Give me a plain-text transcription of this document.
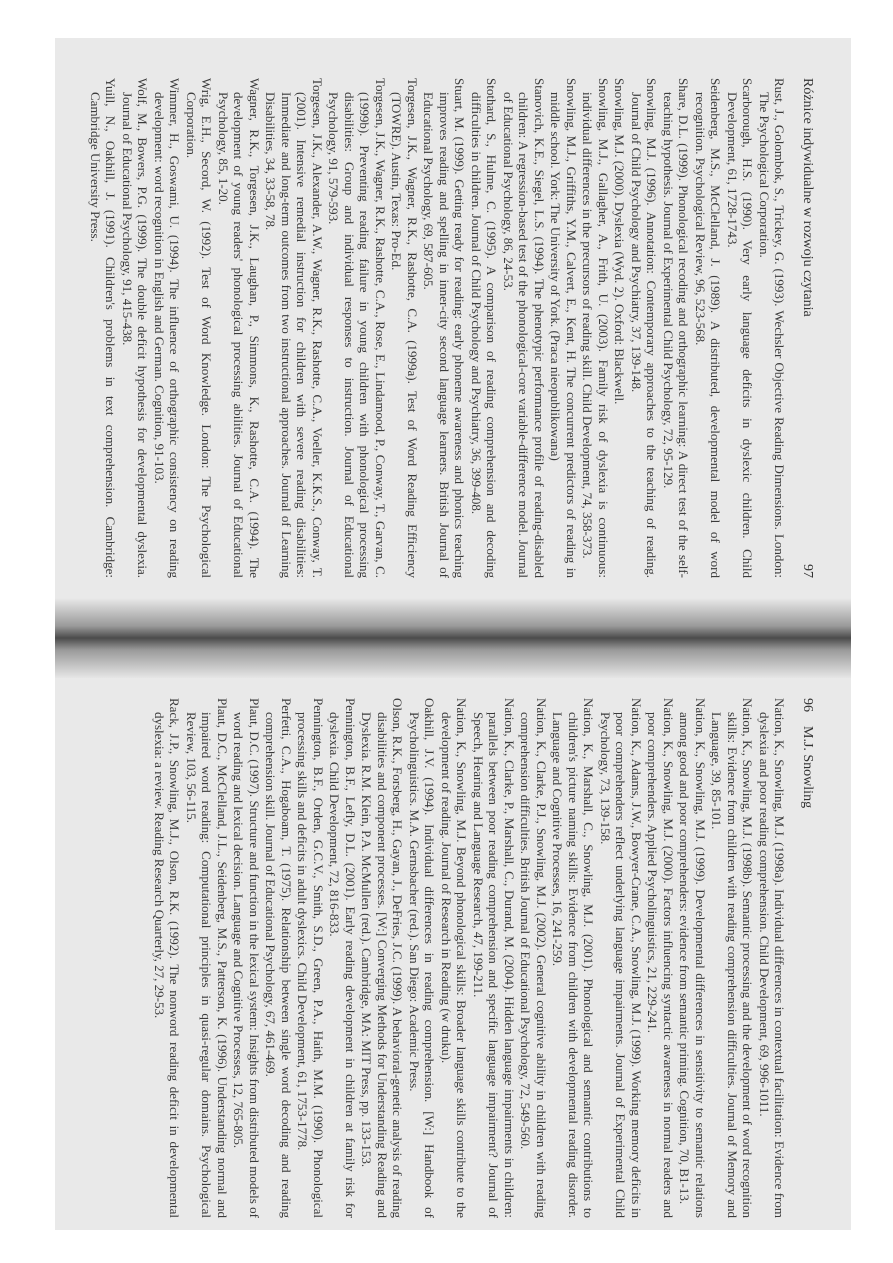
Różnice indywidualne w rozwoju czytania
97

Rust, J., Golombok, S., Trickey, G. (1993). Wechsler Objective Reading Dimensions. London: The Psychological Corporation.

Scarborough, H.S. (1990). Very early language deficits in dyslexic children. Child Development, 61, 1728-1743.

Seidenberg, M.S., McClelland, J. (1989). A distributed, developmental model of word recognition. Psychological Review, 96, 523-568.

Share, D.L. (1999). Phonological recoding and orthographic learning: A direct test of the self-teaching hypothesis. Journal of Experimental Child Psychology, 72, 95-129.

Snowling, M.J. (1996). Annotation: Contemporary approaches to the teaching of reading. Journal of Child Psychology and Psychiatry, 37, 139-148.

Snowling, M.J. (2000). Dyslexia (Wyd. 2). Oxford: Blackwell.

Snowling, M.J., Gallagher, A., Frith, U. (2003). Family risk of dyslexia is continuous: individual differences in the precursors of reading skill. Child Development, 74, 358-373.

Snowling, M.J., Griffiths, Y.M., Calvert, E., Kent, H. The concurrent predictors of reading in middle school. York: The University of York. (Praca nieopublikowana)

Stanovich, K.E., Siegel, L.S. (1994). The phenotypic performance profile of reading-disabled children: A regression-based test of the phonological-core variable-difference model. Journal of Educational Psychology, 86, 24-53.

Stothard, S., Hulme, C. (1995). A comparison of reading comprehension and decoding difficulties in children. Journal of Child Psychology and Psychiatry, 36, 399-408.

Stuart, M. (1999). Getting ready for reading: early phoneme awareness and phonics teaching improves reading and spelling in inner-city second language learners. British Journal of Educational Psychology, 69, 587-605.

Torgesen, J.K., Wagner, R.K., Rashotte, C.A. (1999a). Test of Word Reading Efficiency (TOWRE). Austin, Texas: Pro-Ed.

Torgesen, J.K., Wagner, R.K., Rashotte, C.A., Rose, E., Lindamood, P., Conway, T., Garvan, C. (1999b). Preventing reading failure in young children with phonological processing disabilities: Group and individual responses to instruction. Journal of Educational Psychology, 91, 579-593.

Torgesen, J.K., Alexander, A.W., Wagner, R.K., Rashotte, C.A., Voeller, K.K.S., Conway, T. (2001). Intensive remedial instruction for children with severe reading disabilities: Immediate and long-term outcomes from two instructional approaches. Journal of Learning Disabilities, 34, 33-58, 78.

Wagner, R.K., Torgesen, J.K., Laughan, P., Simmons, K., Rashotte, C.A. (1994). The development of young readers' phonological processing abilities. Journal of Educational Psychology, 85, 1-20.

Wrig, E.H., Secord, W. (1992). Test of Word Knowledge. London: The Psychological Corporation.

Wimmer, H., Goswami, U. (1994). The influence of orthographic consistency on reading development: word recognition in English and German. Cognition, 91-103.

Wolf, M., Bowers, P.G. (1999). The double deficit hypothesis for developmental dyslexia. Journal of Educational Psychology, 91, 415-438.

Yuill, N., Oakhill, J. (1991). Children's problems in text comprehension. Cambridge: Cambridge University Press.

96    M.J. Snowling

Nation, K., Snowling, M.J. (1998a). Individual differences in contextual facilitation: Evidence from dyslexia and poor reading comprehension. Child Development, 69, 996-1011.

Nation, K., Snowling, M.J. (1998b). Semantic processing and the development of word recognition skills: Evidence from children with reading comprehension difficulties. Journal of Memory and Language, 39, 85-101.

Nation, K., Snowling, M.J. (1999). Developmental differences in sensitivity to semantic relations among good and poor comprehenders: evidence from semantic priming. Cognition, 70, B1-13.

Nation, K., Snowling, M.J. (2000). Factors influencing syntactic awareness in normal readers and poor comprehenders. Applied Psycholinguistics, 21, 229-241.

Nation, K., Adams, J.W., Bowyer-Crane, C.A., Snowling, M.J. (1999). Working memory deficits in poor comprehenders reflect underlying language impairments. Journal of Experimental Child Psychology, 73, 139-158.

Nation, K., Marshall, C., Snowling, M.J. (2001). Phonological and semantic contributions to children's picture naming skills: Evidence from children with developmental reading disorder. Language and Cognitive Processes, 16, 241-259.

Nation, K., Clarke, P.J., Snowling, M.J. (2002). General cognitive ability in children with reading comprehension difficulties. British Journal of Educational Psychology, 72, 549-560.

Nation, K., Clarke, P., Marshall, C., Durand, M. (2004). Hidden language impairments in children: parallels between poor reading comprehension and specific language impairment? Journal of Speech, Hearing and Language Research, 47, 199-211.

Nation, K., Snowling, M.J. Beyond phonological skills: Broader language skills contribute to the development of reading. Journal of Research in Reading (w druku).

Oakhill, J.V. (1994). Individual differences in reading comprehension. [W:] Handbook of Psycholinguistics. M.A. Gernsbacher (red.). San Diego: Academic Press.

Olson, R.K., Forsberg, H., Gayan, J., DeFries, J.C. (1999). A behavioral-genetic analysis of reading disabilities and component processes. [W:] Converging Methods for Understanding Reading and Dyslexia. R.M. Klein, P.A. McMullen (red.). Cambridge, MA: MIT Press, pp. 133-153.

Pennington, B.F., Lefly, D.L. (2001). Early reading development in children at family risk for dyslexia. Child Development, 72, 816-833.

Pennington, B.F., Orden, G.C.V., Smith, S.D., Green, P.A., Haith, M.M. (1990). Phonological processing skills and deficits in adult dyslexics. Child Development, 61, 1753-1778.

Perfetti, C.A., Hogaboam, T. (1975). Relationship between single word decoding and reading comprehension skill. Journal of Educational Psychology, 67, 461-469.

Plaut, D.C. (1997). Structure and function in the lexical system: Insights from distributed models of word reading and lexical decision. Language and Cognitive Processes, 12, 765-805.

Plaut, D.C., McClelland, J.L., Seidenberg, M.S., Patterson, K. (1996). Understanding normal and impaired word reading: Computational principles in quasi-regular domains. Psychological Review, 103, 56-115.

Rack, J.P., Snowling, M.J., Olson, R.K. (1992). The nonword reading deficit in developmental dyslexia: a review. Reading Research Quarterly, 27, 29-53.
